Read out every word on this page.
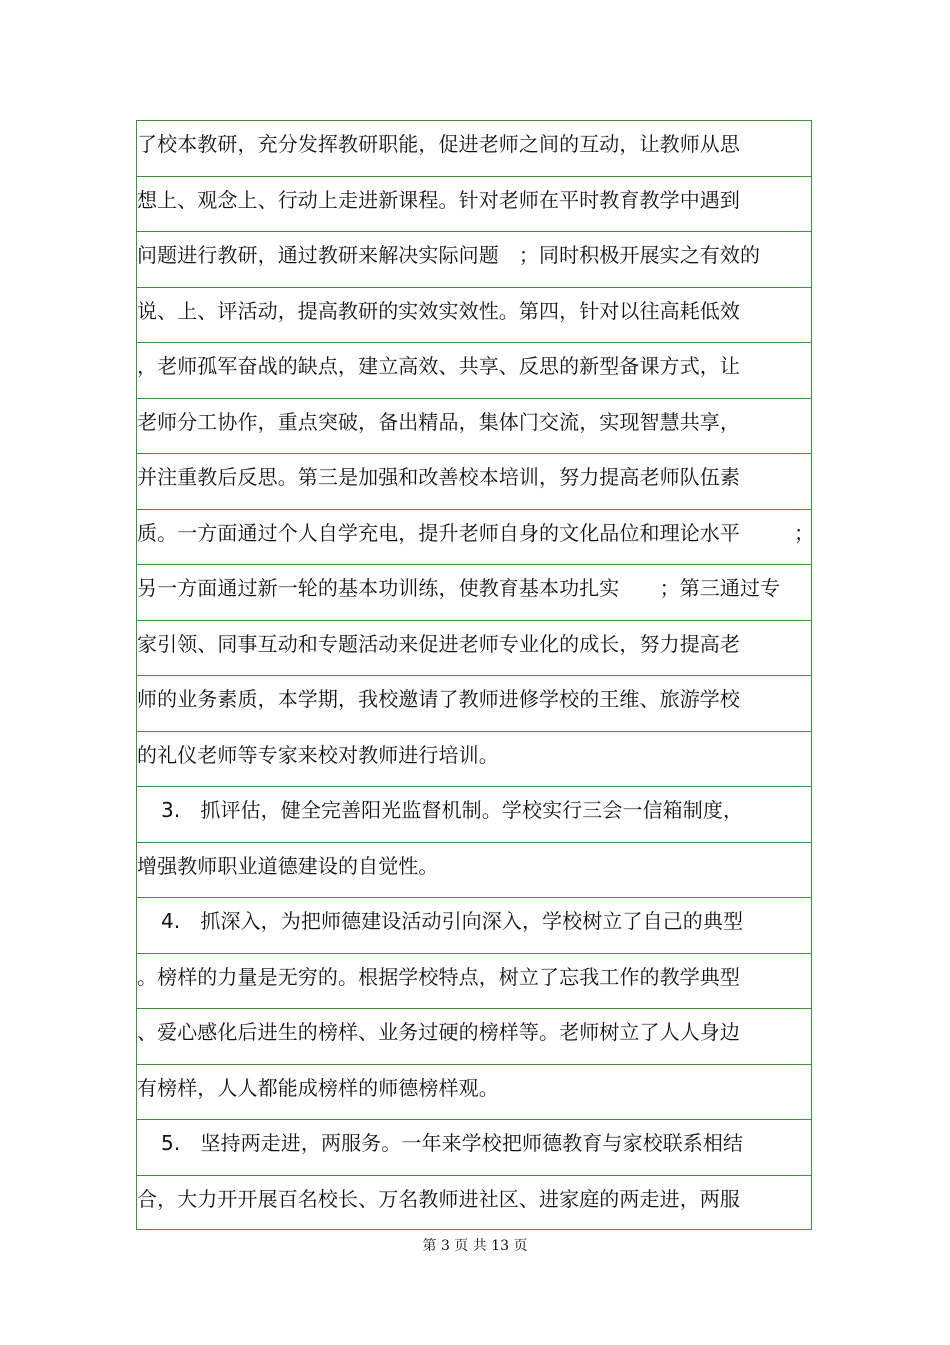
了校本教研，充分发挥教研职能，促进老师之间的互动，让教师从思
想上、观念上、行动上走进新课程。针对老师在平时教育教学中遇到
问题进行教研，通过教研来解决实际问题　；同时积极开展实之有效的
说、上、评活动，提高教研的实效实效性。第四，针对以往高耗低效
，老师孤军奋战的缺点，建立高效、共享、反思的新型备课方式，让
老师分工协作，重点突破，备出精品，集体门交流，实现智慧共享，
并注重教后反思。第三是加强和改善校本培训，努力提高老师队伍素
质。一方面通过个人自学充电，提升老师自身的文化品位和理论水平	；
另一方面通过新一轮的基本功训练，使教育基本功扎实　　；第三通过专
家引领、同事互动和专题活动来促进老师专业化的成长，努力提高老
师的业务素质，本学期，我校邀请了教师进修学校的王维、旅游学校
的礼仪老师等专家来校对教师进行培训。
3.　抓评估，健全完善阳光监督机制。学校实行三会一信箱制度，
增强教师职业道德建设的自觉性。
4.　抓深入，为把师德建设活动引向深入，学校树立了自己的典型
。榜样的力量是无穷的。根据学校特点，树立了忘我工作的教学典型
、爱心感化后进生的榜样、业务过硬的榜样等。老师树立了人人身边
有榜样，人人都能成榜样的师德榜样观。
5.　坚持两走进，两服务。一年来学校把师德教育与家校联系相结
合，大力开开展百名校长、万名教师进社区、进家庭的两走进，两服
第 3 页 共 13 页
